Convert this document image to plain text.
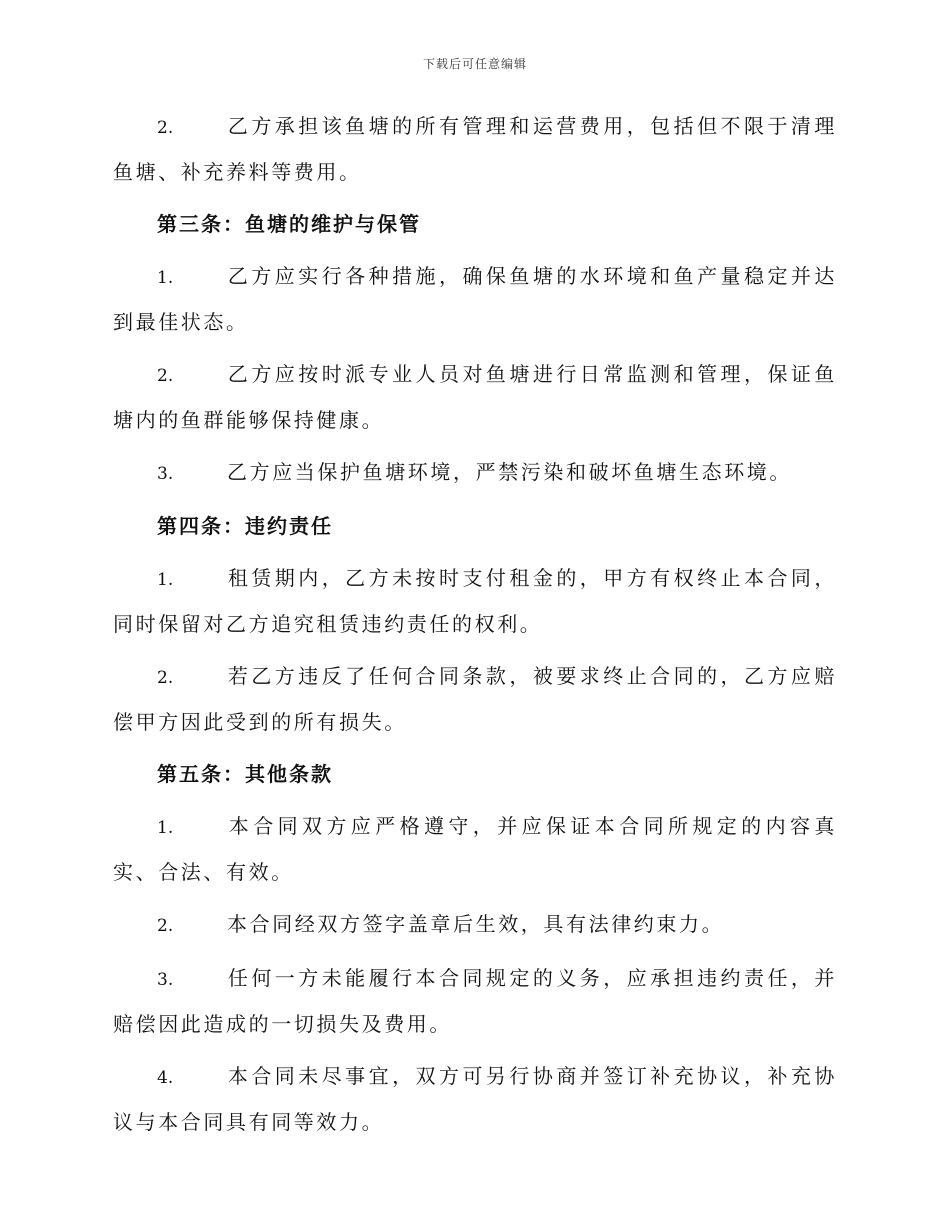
下载后可任意编辑
2.	乙方承担该鱼塘的所有管理和运营费用，包括但不限于清理鱼塘、补充养料等费用。
第三条：鱼塘的维护与保管
1.	乙方应实行各种措施，确保鱼塘的水环境和鱼产量稳定并达到最佳状态。
2.	乙方应按时派专业人员对鱼塘进行日常监测和管理，保证鱼塘内的鱼群能够保持健康。
3.	乙方应当保护鱼塘环境，严禁污染和破坏鱼塘生态环境。
第四条：违约责任
1.	租赁期内，乙方未按时支付租金的，甲方有权终止本合同，同时保留对乙方追究租赁违约责任的权利。
2.	若乙方违反了任何合同条款，被要求终止合同的，乙方应赔偿甲方因此受到的所有损失。
第五条：其他条款
1.	本合同双方应严格遵守，并应保证本合同所规定的内容真实、合法、有效。
2.	本合同经双方签字盖章后生效，具有法律约束力。
3.	任何一方未能履行本合同规定的义务，应承担违约责任，并赔偿因此造成的一切损失及费用。
4.	本合同未尽事宜，双方可另行协商并签订补充协议，补充协议与本合同具有同等效力。
